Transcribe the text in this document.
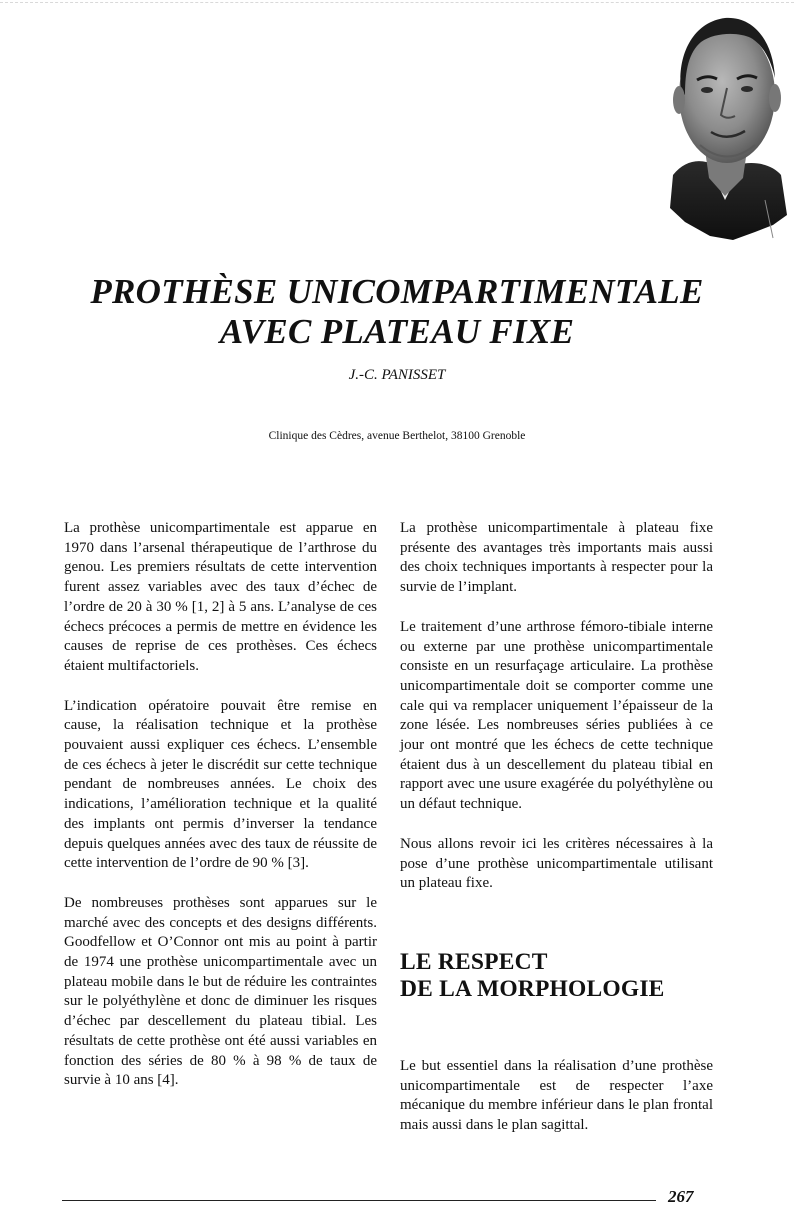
PROTHÈSE UNICOMPARTIMENTALE
AVEC PLATEAU FIXE
J.-C. PANISSET
Clinique des Cèdres, avenue Berthelot, 38100 Grenoble

La prothèse unicompartimentale est apparue en 1970 dans l’arsenal thérapeutique de l’arthrose du genou. Les premiers résultats de cette intervention furent assez variables avec des taux d’échec de l’ordre de 20 à 30 % [1, 2] à 5 ans. L’analyse de ces échecs précoces a permis de mettre en évidence les causes de reprise de ces prothèses. Ces échecs étaient multifactoriels.

L’indication opératoire pouvait être remise en cause, la réalisation technique et la prothèse pouvaient aussi expliquer ces échecs. L’ensemble de ces échecs à jeter le discrédit sur cette technique pendant de nombreuses années. Le choix des indications, l’amélioration technique et la qualité des implants ont permis d’inverser la tendance depuis quelques années avec des taux de réussite de cette intervention de l’ordre de 90 % [3].

De nombreuses prothèses sont apparues sur le marché avec des concepts et des designs différents. Goodfellow et O’Connor ont mis au point à partir de 1974 une prothèse unicompartimentale avec un plateau mobile dans le but de réduire les contraintes sur le polyéthylène et donc de diminuer les risques d’échec par descellement du plateau tibial. Les résultats de cette prothèse ont été aussi variables en fonction des séries de 80 % à 98 % de taux de survie à 10 ans [4].

La prothèse unicompartimentale à plateau fixe présente des avantages très importants mais aussi des choix techniques importants à respecter pour la survie de l’implant.

Le traitement d’une arthrose fémoro-tibiale interne ou externe par une prothèse unicompartimentale consiste en un resurfaçage articulaire. La prothèse unicompartimentale doit se comporter comme une cale qui va remplacer uniquement l’épaisseur de la zone lésée. Les nombreuses séries publiées à ce jour ont montré que les échecs de cette technique étaient dus à un descellement du plateau tibial en rapport avec une usure exagérée du polyéthylène ou un défaut technique.

Nous allons revoir ici les critères nécessaires à la pose d’une prothèse unicompartimentale utilisant un plateau fixe.

LE RESPECT
DE LA MORPHOLOGIE

Le but essentiel dans la réalisation d’une prothèse unicompartimentale est de respecter l’axe mécanique du membre inférieur dans le plan frontal mais aussi dans le plan sagittal.

267
